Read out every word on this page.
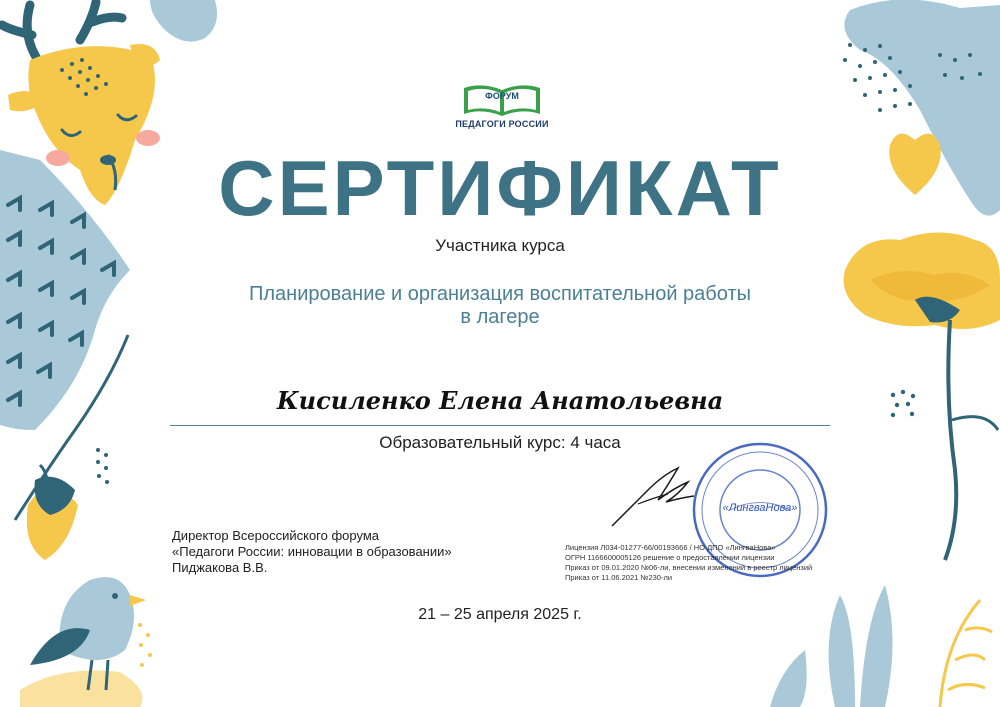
ФОРУМ
ПЕДАГОГИ РОССИИ
СЕРТИФИКАТ
Участника курса
Планирование и организация воспитательной работы
в лагере
Кисиленко Елена Анатольевна
Образовательный курс: 4 часа
Директор Всероссийского форума
«Педагоги России: инновации в образовании»
Пиджакова В.В.
«ЛингваНова»
Лицензия Л034-01277-66/00193666 / НО ДПО «ЛингваНова»
ОГРН 1166600005126 решение о предоставлении лицензии
Приказ от 09.01.2020 №06-ли, внесении изменений в реестр лицензий
Приказ от 11.06.2021 №230-ли
21 – 25 апреля 2025 г.
